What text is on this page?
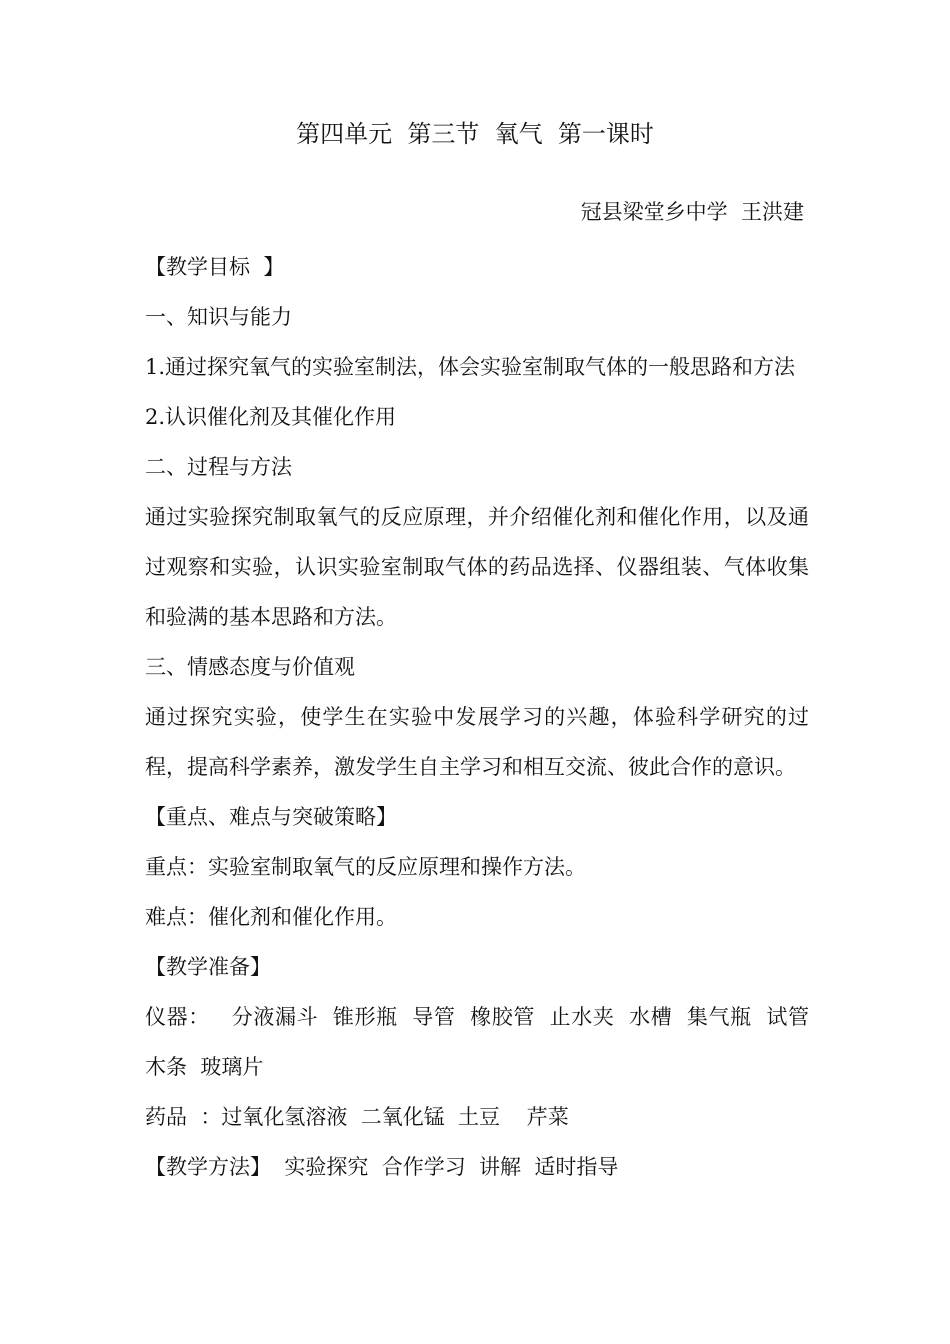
第四单元  第三节  氧气  第一课时
冠县梁堂乡中学  王洪建

【教学目标  】

一、知识与能力

1.通过探究氧气的实验室制法，体会实验室制取气体的一般思路和方法

2.认识催化剂及其催化作用

二、过程与方法

通过实验探究制取氧气的反应原理，并介绍催化剂和催化作用，以及通过观察和实验，认识实验室制取气体的药品选择、仪器组装、气体收集和验满的基本思路和方法。

三、情感态度与价值观

通过探究实验，使学生在实验中发展学习的兴趣，体验科学研究的过程，提高科学素养，激发学生自主学习和相互交流、彼此合作的意识。

【重点、难点与突破策略】

重点：实验室制取氧气的反应原理和操作方法。

难点：催化剂和催化作用。

【教学准备】

仪器：   分液漏斗  锥形瓶  导管  橡胶管  止水夹  水槽  集气瓶  试管  木条  玻璃片

药品  ：过氧化氢溶液  二氧化锰  土豆    芹菜

【教学方法】  实验探究  合作学习  讲解  适时指导
